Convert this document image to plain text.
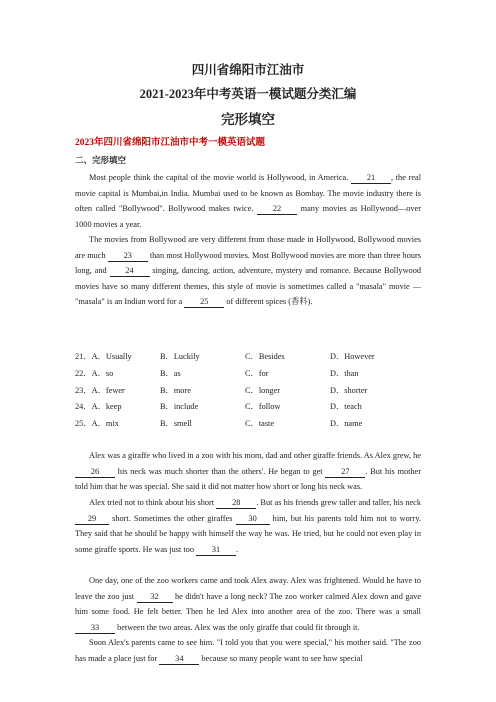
四川省绵阳市江油市
2021-2023年中考英语一模试题分类汇编
完形填空
2023年四川省绵阳市江油市中考一模英语试题
二、完形填空
Most people think the capital of the movie world is Hollywood, in America. 21 , the real movie capital is Mumbai,in India. Mumbai used to be known as Bombay. The movie industry there is often called "Bollywood". Bollywood makes twice. 22 many movies as Hollywood—over 1000 movies a year.
The movies from Bollywood are very different from those made in Hollywood. Bollywood movies are much 23 than most Hollywood movies. Most Bollywood movies are more than three hours long, and 24 singing, dancing, action, adventure, mystery and romance. Because Bollywood movies have so many different themes, this style of movie is sometimes called a "masala" movie — "masala" is an Indian word for a 25 of different spices (香料).
21．A．Usually	B．Luckily	C．Besides	D．However
22．A．so	B．as	C．for	D．than
23．A．fewer	B．more	C．longer	D．shorter
24．A．keep	B．include	C．follow	D．teach
25．A．mix	B．smell	C．taste	D．name
Alex was a giraffe who lived in a zoo with his mom, dad and other giraffe friends. As Alex grew, he 26 his neck was much shorter than the others'. He began to get 27 . But his mother told him that he was special. She said it did not matter how short or long his neck was.
Alex tried not to think about his short 28 . But as his friends grew taller and taller, his neck 29 short. Sometimes the other giraffes 30 him, but his parents told him not to worry. They said that he should be happy with himself the way he was. He tried, but he could not even play in some giraffe sports. He was just too 31 .
One day, one of the zoo workers came and took Alex away. Alex was frightened. Would he have to leave the zoo just 32 he didn't have a long neck? The zoo worker calmed Alex down and gave him some food. He felt better. Then he led Alex into another area of the zoo. There was a small 33 between the two areas. Alex was the only giraffe that could fit through it.
Soon Alex's parents came to see him. "I told you that you were special," his mother said. "The zoo has made a place just for 34 because so many people want to see how special
